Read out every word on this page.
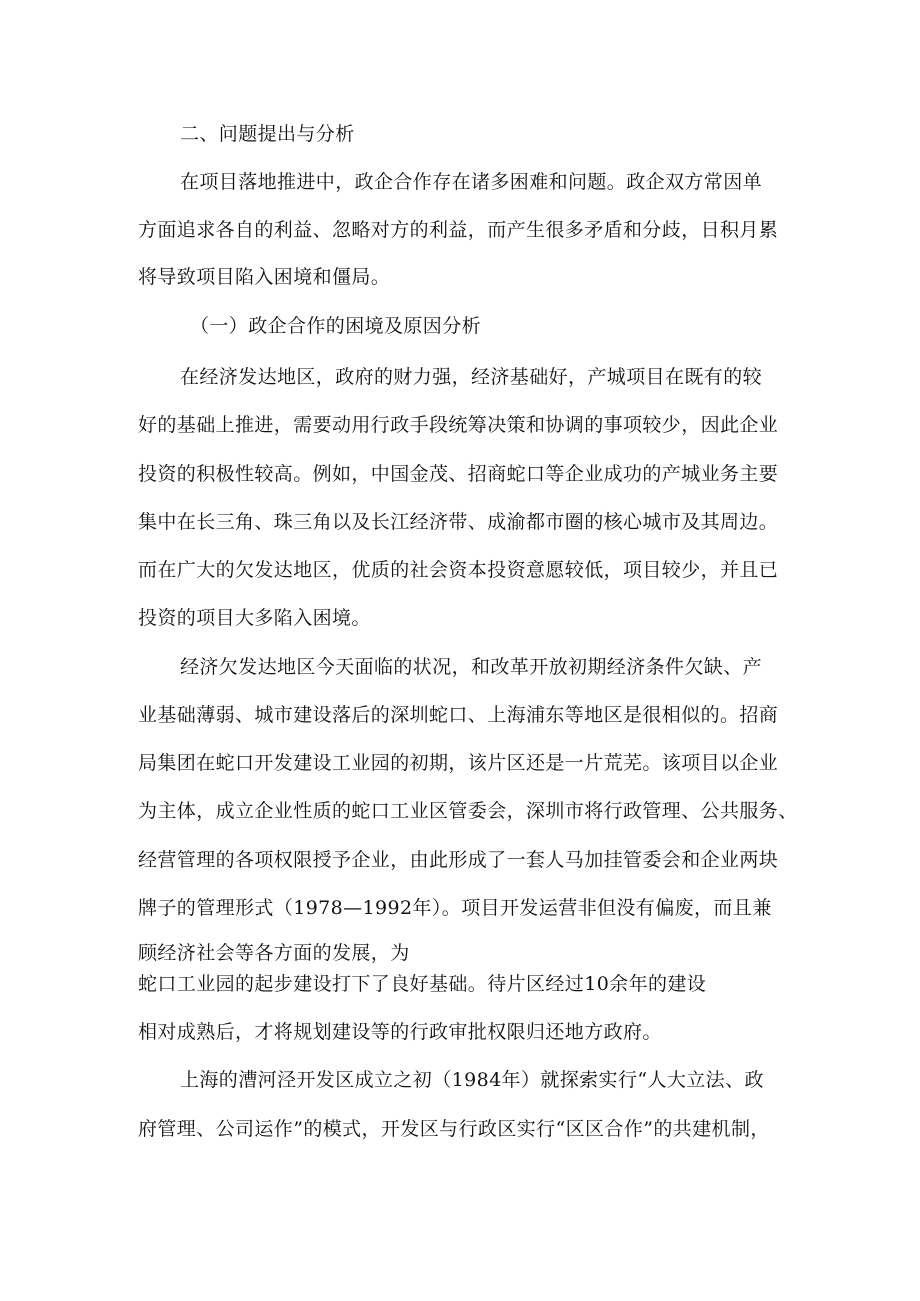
二、问题提出与分析
在项目落地推进中，政企合作存在诸多困难和问题。政企双方常因单
方面追求各自的利益、忽略对方的利益，而产生很多矛盾和分歧，日积月累
将导致项目陷入困境和僵局。
（一）政企合作的困境及原因分析
在经济发达地区，政府的财力强，经济基础好，产城项目在既有的较
好的基础上推进，需要动用行政手段统筹决策和协调的事项较少，因此企业
投资的积极性较高。例如，中国金茂、招商蛇口等企业成功的产城业务主要
集中在长三角、珠三角以及长江经济带、成渝都市圈的核心城市及其周边。
而在广大的欠发达地区，优质的社会资本投资意愿较低，项目较少，并且已
投资的项目大多陷入困境。
经济欠发达地区今天面临的状况，和改革开放初期经济条件欠缺、产
业基础薄弱、城市建设落后的深圳蛇口、上海浦东等地区是很相似的。招商
局集团在蛇口开发建设工业园的初期，该片区还是一片荒芜。该项目以企业
为主体，成立企业性质的蛇口工业区管委会，深圳市将行政管理、公共服务、
经营管理的各项权限授予企业，由此形成了一套人马加挂管委会和企业两块
牌子的管理形式（1978—1992年）。项目开发运营非但没有偏废，而且兼
顾经济社会等各方面的发展，为
蛇口工业园的起步建设打下了良好基础。待片区经过10余年的建设
相对成熟后，才将规划建设等的行政审批权限归还地方政府。
上海的漕河泾开发区成立之初（1984年）就探索实行“人大立法、政
府管理、公司运作”的模式，开发区与行政区实行“区区合作”的共建机制，
